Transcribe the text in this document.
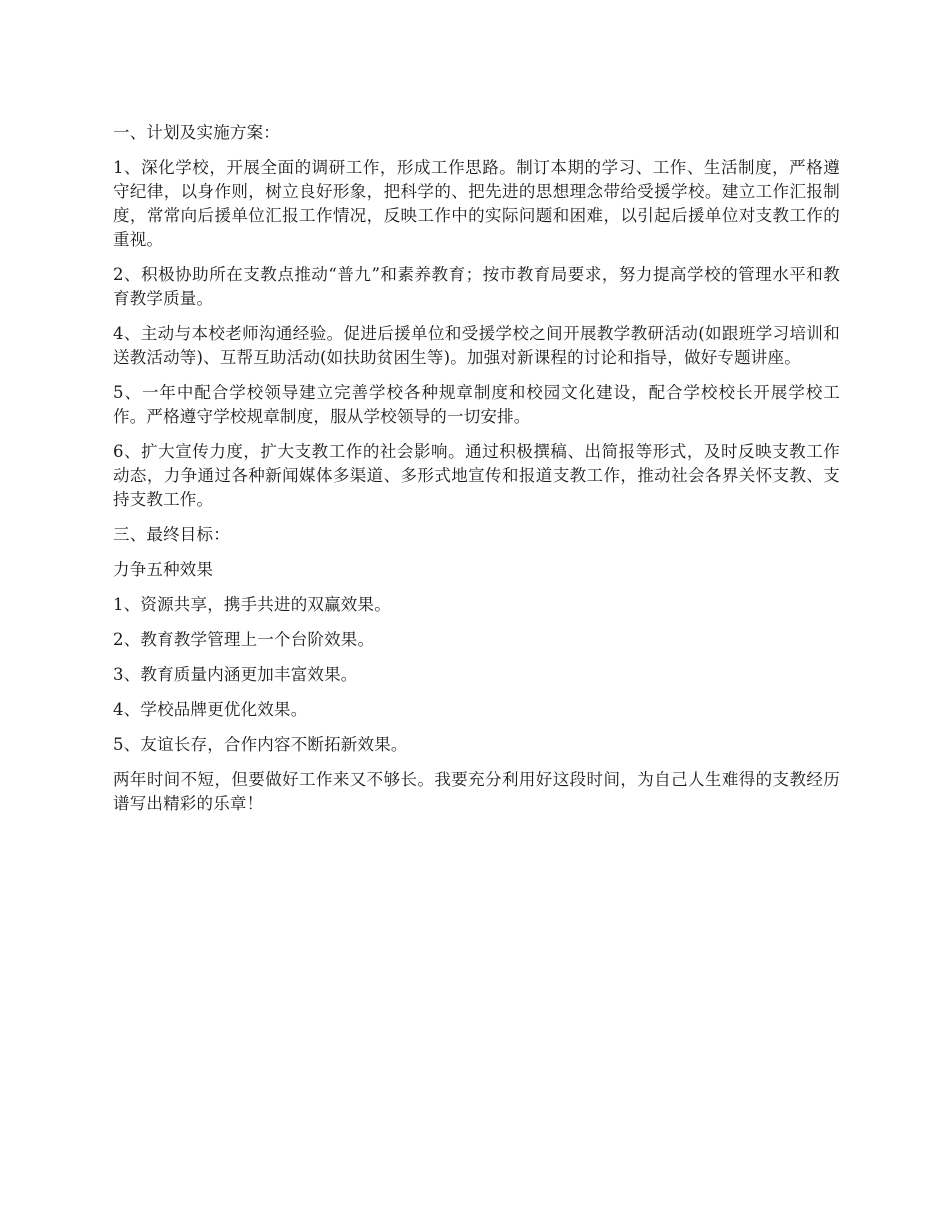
一、计划及实施方案：

1、深化学校，开展全面的调研工作，形成工作思路。制订本期的学习、工作、生活制度，严格遵守纪律，以身作则，树立良好形象，把科学的、把先进的思想理念带给受援学校。建立工作汇报制度，常常向后援单位汇报工作情况，反映工作中的实际问题和困难，以引起后援单位对支教工作的重视。

2、积极协助所在支教点推动“普九”和素养教育；按市教育局要求，努力提高学校的管理水平和教育教学质量。

4、主动与本校老师沟通经验。促进后援单位和受援学校之间开展教学教研活动(如跟班学习培训和送教活动等)、互帮互助活动(如扶助贫困生等)。加强对新课程的讨论和指导，做好专题讲座。

5、一年中配合学校领导建立完善学校各种规章制度和校园文化建设，配合学校校长开展学校工作。严格遵守学校规章制度，服从学校领导的一切安排。

6、扩大宣传力度，扩大支教工作的社会影响。通过积极撰稿、出简报等形式，及时反映支教工作动态，力争通过各种新闻媒体多渠道、多形式地宣传和报道支教工作，推动社会各界关怀支教、支持支教工作。

三、最终目标：

力争五种效果

1、资源共享，携手共进的双赢效果。

2、教育教学管理上一个台阶效果。

3、教育质量内涵更加丰富效果。

4、学校品牌更优化效果。

5、友谊长存，合作内容不断拓新效果。

两年时间不短，但要做好工作来又不够长。我要充分利用好这段时间，为自己人生难得的支教经历谱写出精彩的乐章！
